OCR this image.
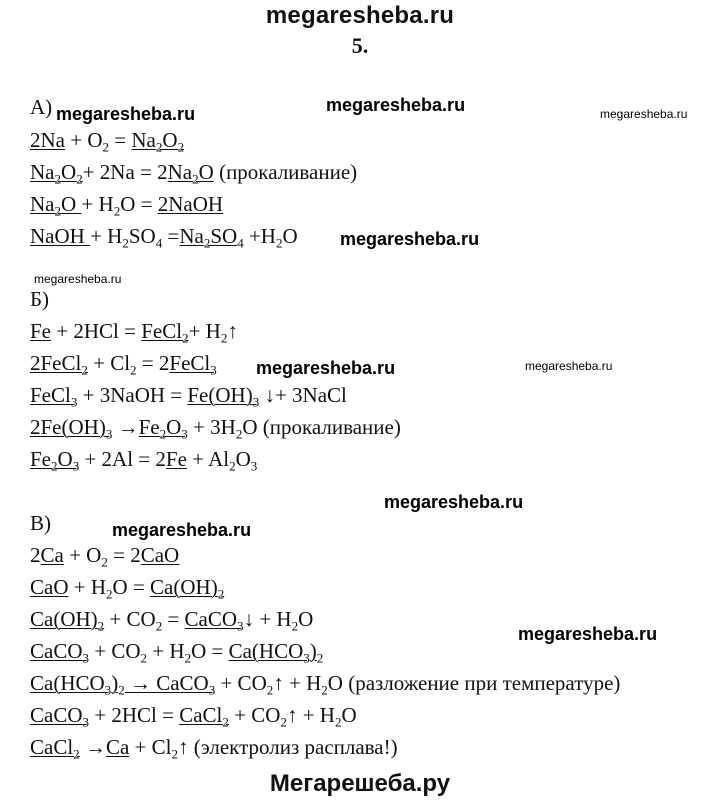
megaresheba.ru
5.
А) megaresheba.ru	megaresheba.ru	megaresheba.ru
$2Na + O_2 = Na_2O_2$
$Na_2O_2+ 2Na = 2Na_2O$ (прокаливание)
$Na_2O + H_2O$ = 2NaOH
NaOH + $H_2SO_4 =Na_2SO_4 +H_2O$ megaresheba.ru
megaresheba.ru
Б)
Fe + 2HCl = FeCl$_2$+ $H_2↑$
2FeCl$_2$ + $Cl_2$ = 2FeCl$_3$ megaresheba.ru	megaresheba.ru
FeCl$_3$ + 3NaOH = $Fe(OH)_3$ ↓+ 3NaCl
$2Fe(OH)_3 \to Fe_2O_3 + 3H_2O$ (прокаливание)
$Fe_2O_3 + 2Al = 2Fe + Al_2O_3$
megaresheba.ru
В)	megaresheba.ru
$2Ca + O_2 = 2CaO$
CaO + $H_2O = Ca(OH)_2$
$Ca(OH)_2 + CO_2$ = CaCO$_3$↓ + $H_2O$
megaresheba.ru
CaCO$_3$ + $CO_2 + H_2O = Ca(HCO_3)_2$
$Ca(HCO_3)_2$ → CaCO$_3$ + $CO_2↑ + H_2O$ (разложение при температуре)
CaCO$_3$ + 2HCl = CaCl$_2$ + $CO_2↑ + H_2O$
CaCl$_2$ $\to Ca + Cl_2↑$ (электролиз расплава!)
Мегарешеба.ру
